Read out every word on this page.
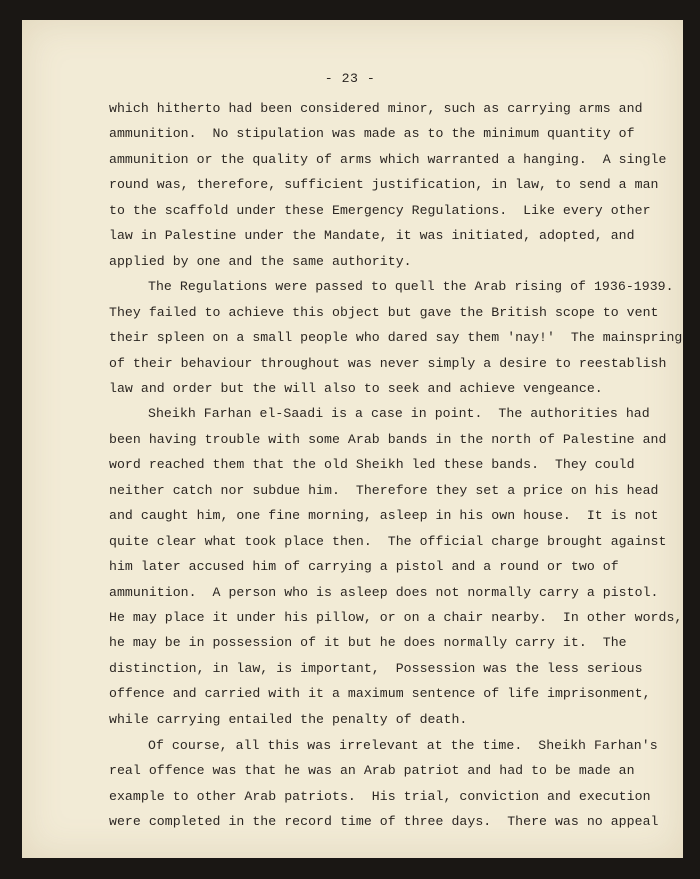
- 23 -
which hitherto had been considered minor, such as carrying arms and
ammunition.  No stipulation was made as to the minimum quantity of
ammunition or the quality of arms which warranted a hanging.  A single
round was, therefore, sufficient justification, in law, to send a man
to the scaffold under these Emergency Regulations.  Like every other
law in Palestine under the Mandate, it was initiated, adopted, and
applied by one and the same authority.
The Regulations were passed to quell the Arab rising of 1936-1939.
They failed to achieve this object but gave the British scope to vent
their spleen on a small people who dared say them 'nay!'  The mainspring
of their behaviour throughout was never simply a desire to reestablish
law and order but the will also to seek and achieve vengeance.
Sheikh Farhan el-Saadi is a case in point.  The authorities had
been having trouble with some Arab bands in the north of Palestine and
word reached them that the old Sheikh led these bands.  They could
neither catch nor subdue him.  Therefore they set a price on his head
and caught him, one fine morning, asleep in his own house.  It is not
quite clear what took place then.  The official charge brought against
him later accused him of carrying a pistol and a round or two of
ammunition.  A person who is asleep does not normally carry a pistol.
He may place it under his pillow, or on a chair nearby.  In other words,
he may be in possession of it but he does normally carry it.  The
distinction, in law, is important,  Possession was the less serious
offence and carried with it a maximum sentence of life imprisonment,
while carrying entailed the penalty of death.
Of course, all this was irrelevant at the time.  Sheikh Farhan's
real offence was that he was an Arab patriot and had to be made an
example to other Arab patriots.  His trial, conviction and execution
were completed in the record time of three days.  There was no appeal
